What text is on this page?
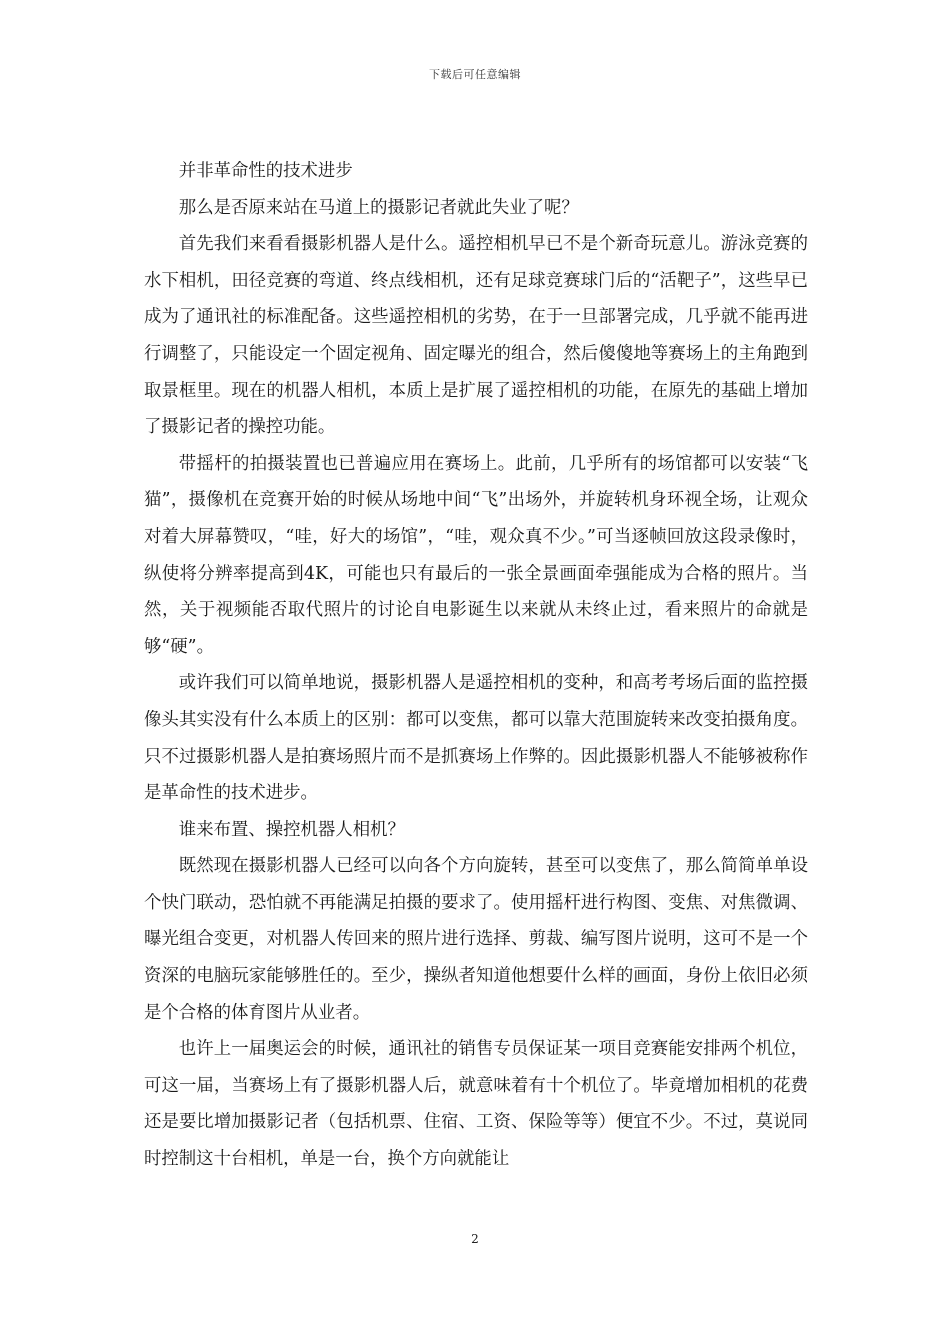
下载后可任意编辑

并非革命性的技术进步

那么是否原来站在马道上的摄影记者就此失业了呢？

首先我们来看看摄影机器人是什么。遥控相机早已不是个新奇玩意儿。游泳竞赛的水下相机，田径竞赛的弯道、终点线相机，还有足球竞赛球门后的“活靶子”，这些早已成为了通讯社的标准配备。这些遥控相机的劣势，在于一旦部署完成，几乎就不能再进行调整了，只能设定一个固定视角、固定曝光的组合，然后傻傻地等赛场上的主角跑到取景框里。现在的机器人相机，本质上是扩展了遥控相机的功能，在原先的基础上增加了摄影记者的操控功能。

带摇杆的拍摄装置也已普遍应用在赛场上。此前，几乎所有的场馆都可以安装“飞猫”，摄像机在竞赛开始的时候从场地中间“飞”出场外，并旋转机身环视全场，让观众对着大屏幕赞叹，“哇，好大的场馆”，“哇，观众真不少。”可当逐帧回放这段录像时，纵使将分辨率提高到4K，可能也只有最后的一张全景画面牵强能成为合格的照片。当然，关于视频能否取代照片的讨论自电影诞生以来就从未终止过，看来照片的命就是够“硬”。

或许我们可以简单地说，摄影机器人是遥控相机的变种，和高考考场后面的监控摄像头其实没有什么本质上的区别：都可以变焦，都可以靠大范围旋转来改变拍摄角度。只不过摄影机器人是拍赛场照片而不是抓赛场上作弊的。因此摄影机器人不能够被称作是革命性的技术进步。

谁来布置、操控机器人相机？

既然现在摄影机器人已经可以向各个方向旋转，甚至可以变焦了，那么简简单单设个快门联动，恐怕就不再能满足拍摄的要求了。使用摇杆进行构图、变焦、对焦微调、曝光组合变更，对机器人传回来的照片进行选择、剪裁、编写图片说明，这可不是一个资深的电脑玩家能够胜任的。至少，操纵者知道他想要什么样的画面，身份上依旧必须是个合格的体育图片从业者。

也许上一届奥运会的时候，通讯社的销售专员保证某一项目竞赛能安排两个机位，可这一届，当赛场上有了摄影机器人后，就意味着有十个机位了。毕竟增加相机的花费还是要比增加摄影记者（包括机票、住宿、工资、保险等等）便宜不少。不过，莫说同时控制这十台相机，单是一台，换个方向就能让

2
